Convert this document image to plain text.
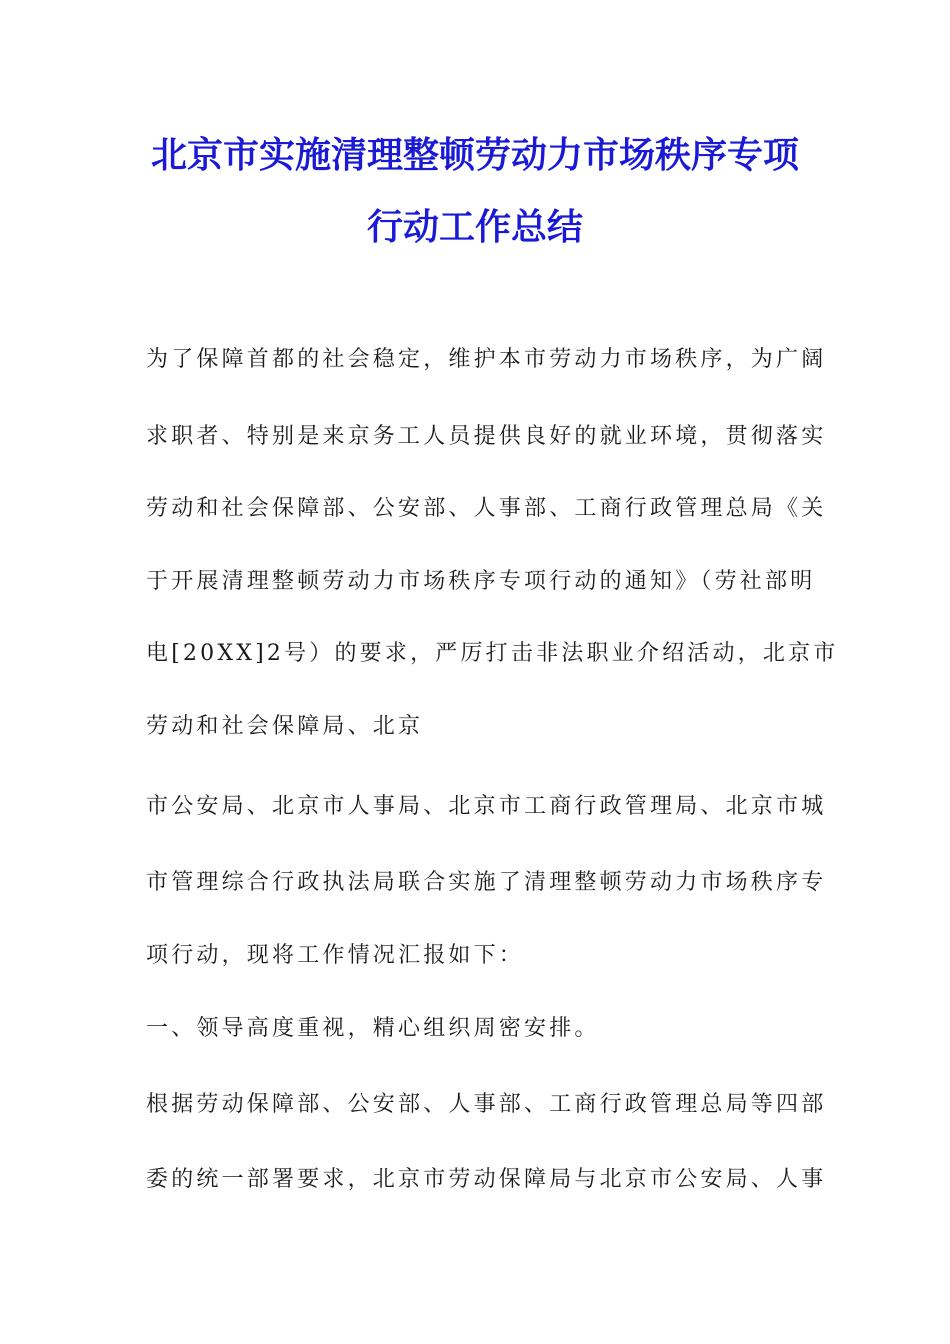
北京市实施清理整顿劳动力市场秩序专项
行动工作总结

为了保障首都的社会稳定，维护本市劳动力市场秩序，为广阔

求职者、特别是来京务工人员提供良好的就业环境，贯彻落实

劳动和社会保障部、公安部、人事部、工商行政管理总局《关

于开展清理整顿劳动力市场秩序专项行动的通知》（劳社部明

电[20XX]2号）的要求，严厉打击非法职业介绍活动，北京市

劳动和社会保障局、北京

市公安局、北京市人事局、北京市工商行政管理局、北京市城

市管理综合行政执法局联合实施了清理整顿劳动力市场秩序专

项行动，现将工作情况汇报如下：

一、领导高度重视，精心组织周密安排。

根据劳动保障部、公安部、人事部、工商行政管理总局等四部

委的统一部署要求，北京市劳动保障局与北京市公安局、人事
